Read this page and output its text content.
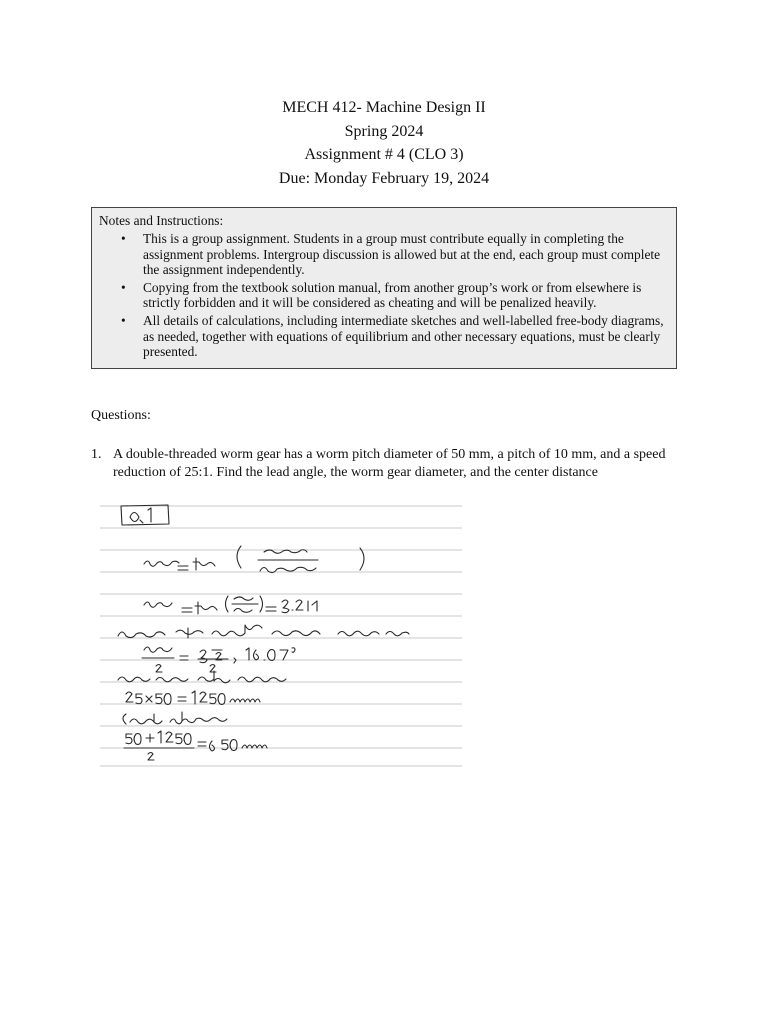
MECH 412- Machine Design II
Spring 2024
Assignment # 4 (CLO 3)
Due: Monday February 19, 2024
Notes and Instructions:
• This is a group assignment. Students in a group must contribute equally in completing the assignment problems. Intergroup discussion is allowed but at the end, each group must complete the assignment independently.
• Copying from the textbook solution manual, from another group’s work or from elsewhere is strictly forbidden and it will be considered as cheating and will be penalized heavily.
• All details of calculations, including intermediate sketches and well-labelled free-body diagrams, as needed, together with equations of equilibrium and other necessary equations, must be clearly presented.
Questions:
1. A double-threaded worm gear has a worm pitch diameter of 50 mm, a pitch of 10 mm, and a speed reduction of 25:1. Find the lead angle, the worm gear diameter, and the center distance
